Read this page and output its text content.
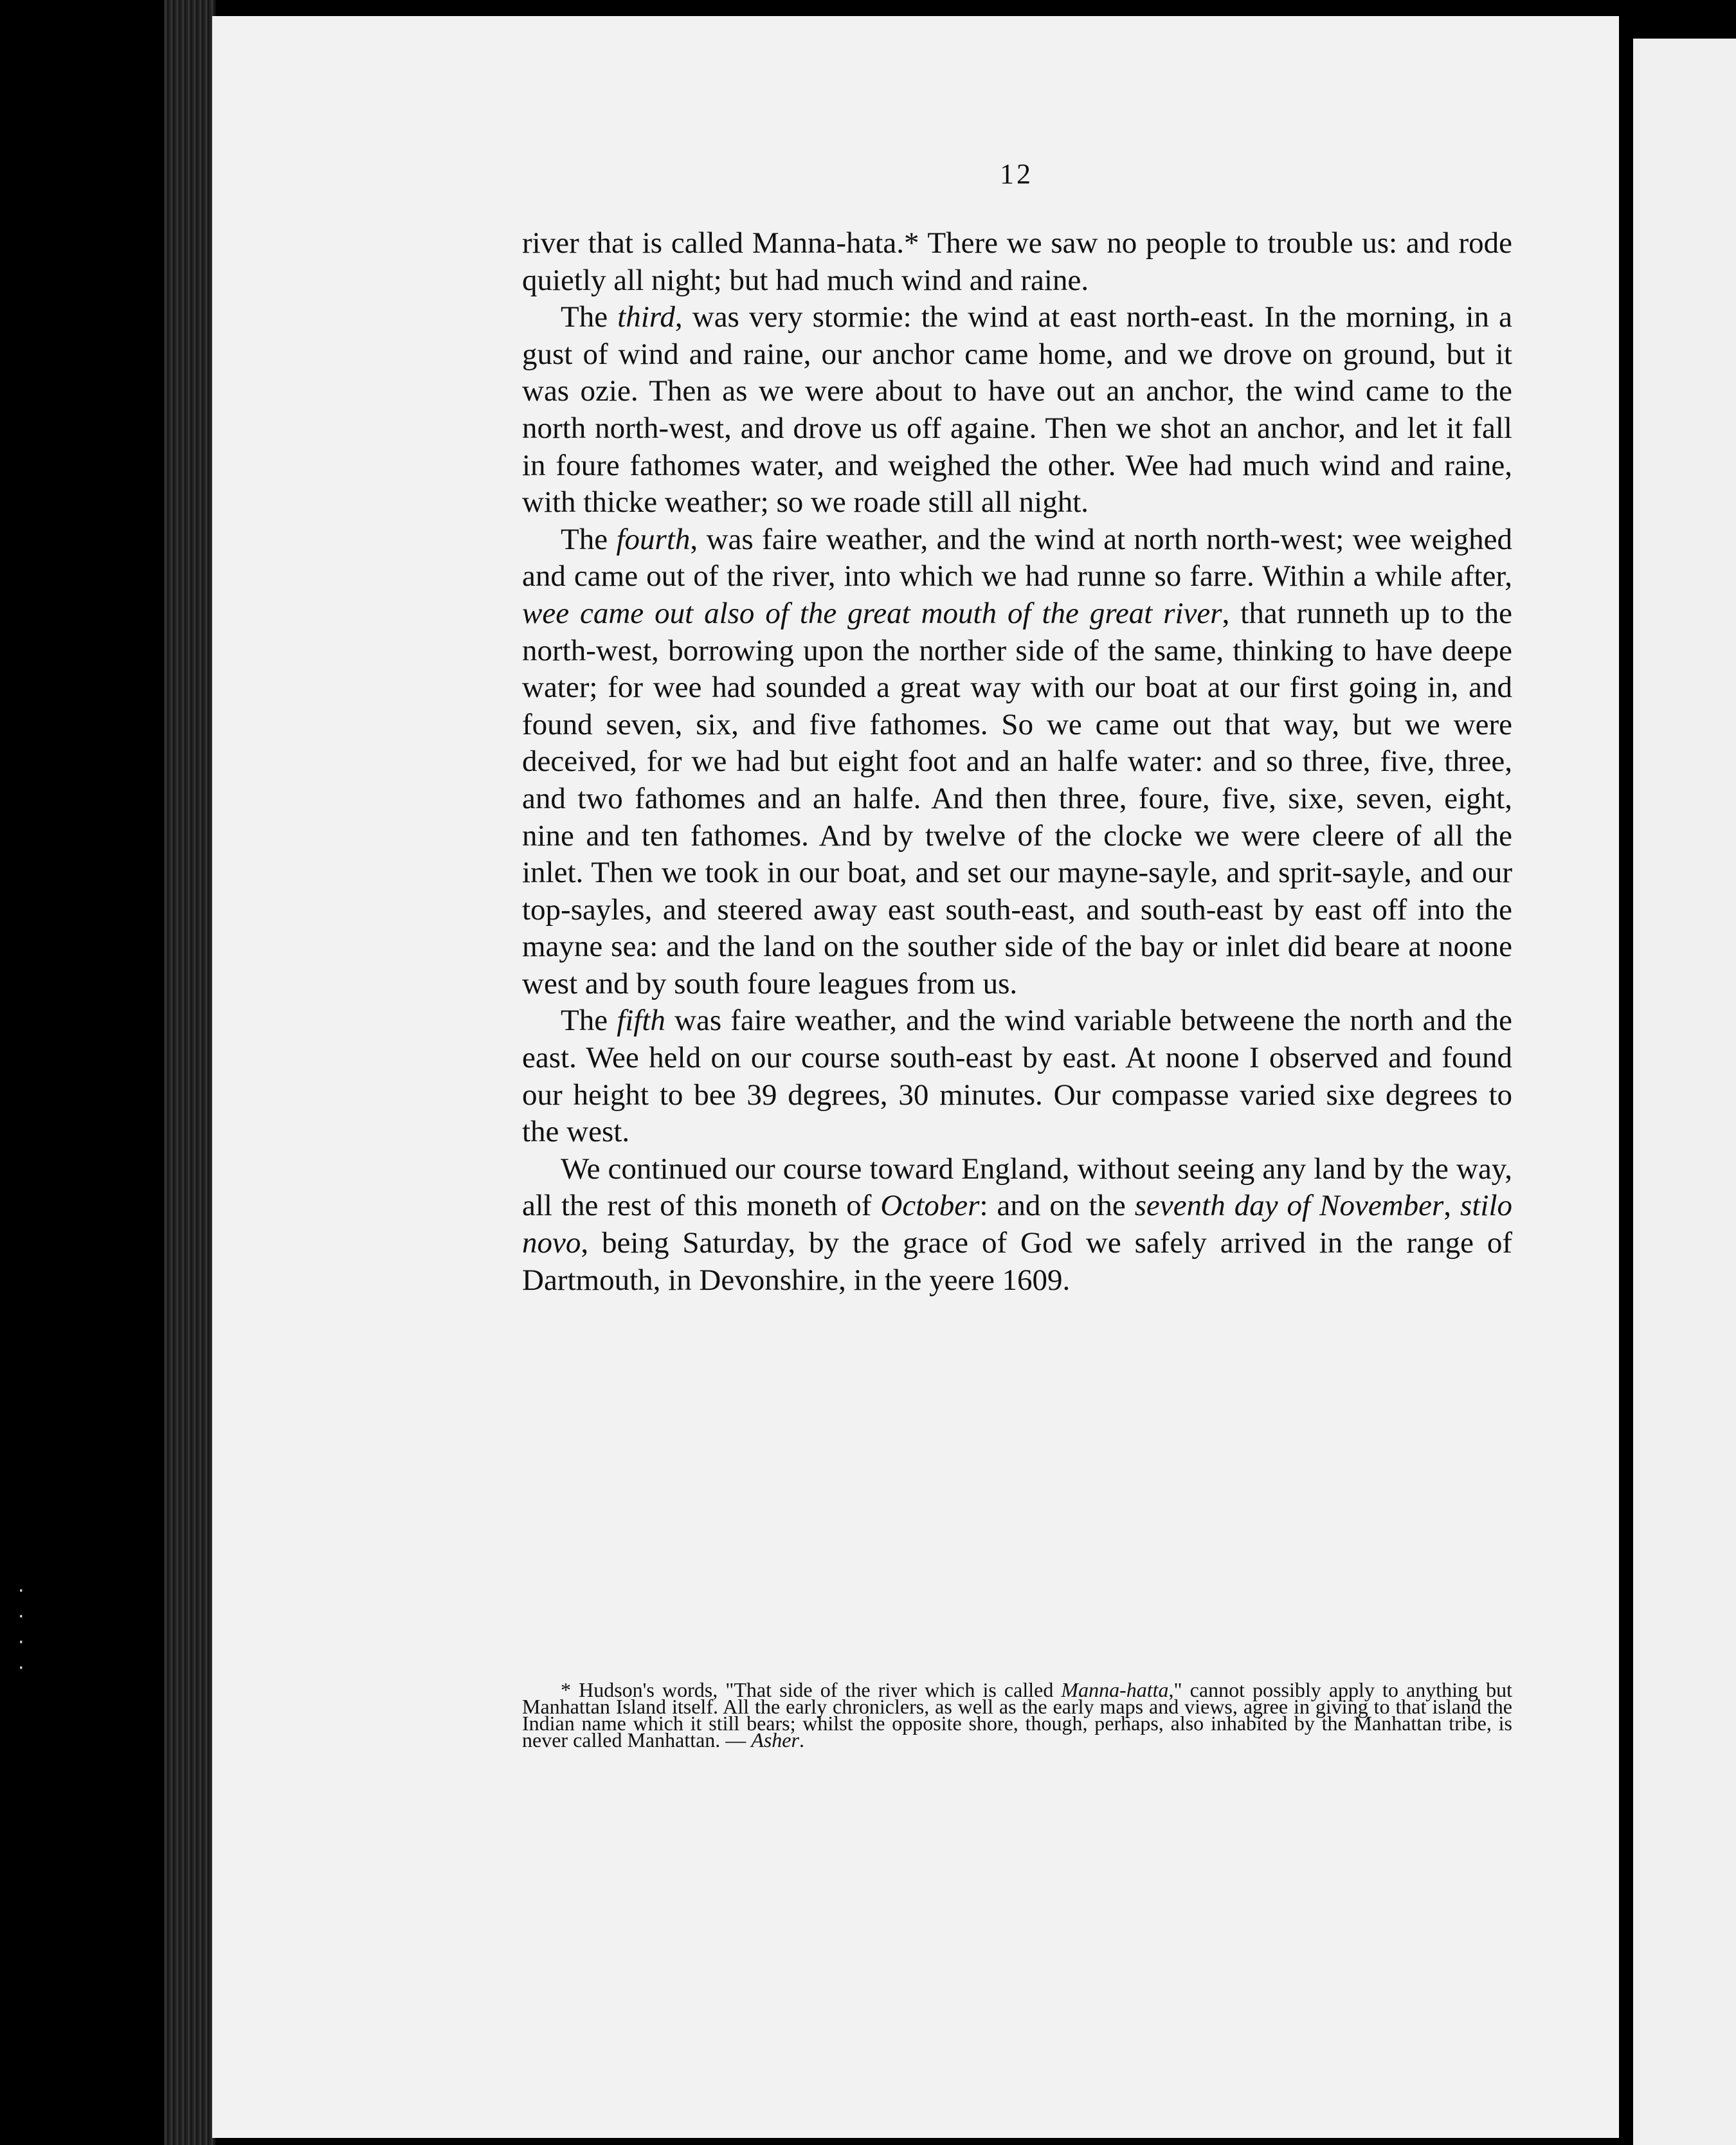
·
·
·
·
12

river that is called Manna-hata.* There we saw no people to trouble us: and rode quietly all night; but had much wind and raine.

The third, was very stormie: the wind at east north-east. In the morning, in a gust of wind and raine, our anchor came home, and we drove on ground, but it was ozie. Then as we were about to have out an anchor, the wind came to the north north-west, and drove us off againe. Then we shot an anchor, and let it fall in foure fathomes water, and weighed the other. Wee had much wind and raine, with thicke weather; so we roade still all night.

The fourth, was faire weather, and the wind at north north-west; wee weighed and came out of the river, into which we had runne so farre. Within a while after, wee came out also of the great mouth of the great river, that runneth up to the north-west, borrowing upon the norther side of the same, thinking to have deepe water; for wee had sounded a great way with our boat at our first going in, and found seven, six, and five fathomes. So we came out that way, but we were deceived, for we had but eight foot and an halfe water: and so three, five, three, and two fathomes and an halfe. And then three, foure, five, sixe, seven, eight, nine and ten fathomes. And by twelve of the clocke we were cleere of all the inlet. Then we took in our boat, and set our mayne-sayle, and sprit-sayle, and our top-sayles, and steered away east south-east, and south-east by east off into the mayne sea: and the land on the souther side of the bay or inlet did beare at noone west and by south foure leagues from us.

The fifth was faire weather, and the wind variable betweene the north and the east. Wee held on our course south-east by east. At noone I observed and found our height to bee 39 degrees, 30 minutes. Our compasse varied sixe degrees to the west.

We continued our course toward England, without seeing any land by the way, all the rest of this moneth of October: and on the seventh day of November, stilo novo, being Saturday, by the grace of God we safely arrived in the range of Dartmouth, in Devonshire, in the yeere 1609.

* Hudson's words, "That side of the river which is called Manna-hatta," cannot possibly apply to anything but Manhattan Island itself. All the early chroniclers, as well as the early maps and views, agree in giving to that island the Indian name which it still bears; whilst the opposite shore, though, perhaps, also inhabited by the Manhattan tribe, is never called Manhattan. — Asher.
